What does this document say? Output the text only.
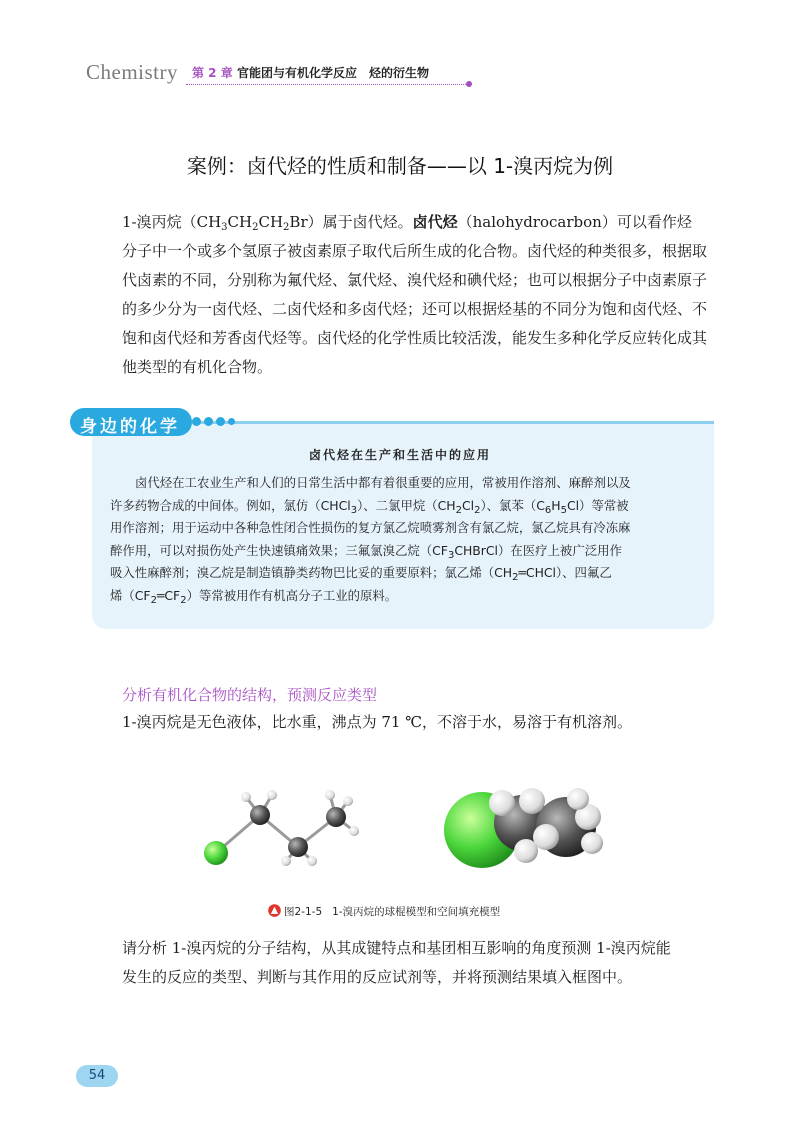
Chemistry 第 2 章 官能团与有机化学反应　烃的衍生物
案例：卤代烃的性质和制备——以 1-溴丙烷为例
1-溴丙烷$(CH_3CH_2CH_2Br)$属于卤代烃。卤代烃（halohydrocarbon）可以看作烃
分子中一个或多个氢原子被卤素原子取代后所生成的化合物。卤代烃的种类很多，根据取
代卤素的不同，分别称为氟代烃、氯代烃、溴代烃和碘代烃；也可以根据分子中卤素原子
的多少分为一卤代烃、二卤代烃和多卤代烃；还可以根据烃基的不同分为饱和卤代烃、不
饱和卤代烃和芳香卤代烃等。卤代烃的化学性质比较活泼，能发生多种化学反应转化成其
他类型的有机化合物。
身边的化学
卤代烃在生产和生活中的应用
卤代烃在工农业生产和人们的日常生活中都有着很重要的应用，常被用作溶剂、麻醉剂以及
许多药物合成的中间体。例如，氯仿（CHCl$_3$）、二氯甲烷$(CH_2Cl_2)$、氯苯$(C_6H_5Cl)$等常被
用作溶剂；用于运动中各种急性闭合性损伤的复方氯乙烷喷雾剂含有氯乙烷，氯乙烷具有冷冻麻
醉作用，可以对损伤处产生快速镇痛效果；三氟氯溴乙烷$(CF_3CHBrCl)$在医疗上被广泛用作
吸入性麻醉剂；溴乙烷是制造镇静类药物巴比妥的重要原料；氯乙烯$(CH_2═CHCl)$、四氟乙
烯$(CF_2═CF_2)$等常被用作有机高分子工业的原料。
分析有机化合物的结构，预测反应类型
1-溴丙烷是无色液体，比水重，沸点为 71 ℃，不溶于水，易溶于有机溶剂。
图2-1-5 1-溴丙烷的球棍模型和空间填充模型
请分析 1-溴丙烷的分子结构，从其成键特点和基团相互影响的角度预测 1-溴丙烷能
发生的反应的类型、判断与其作用的反应试剂等，并将预测结果填入框图中。
54
